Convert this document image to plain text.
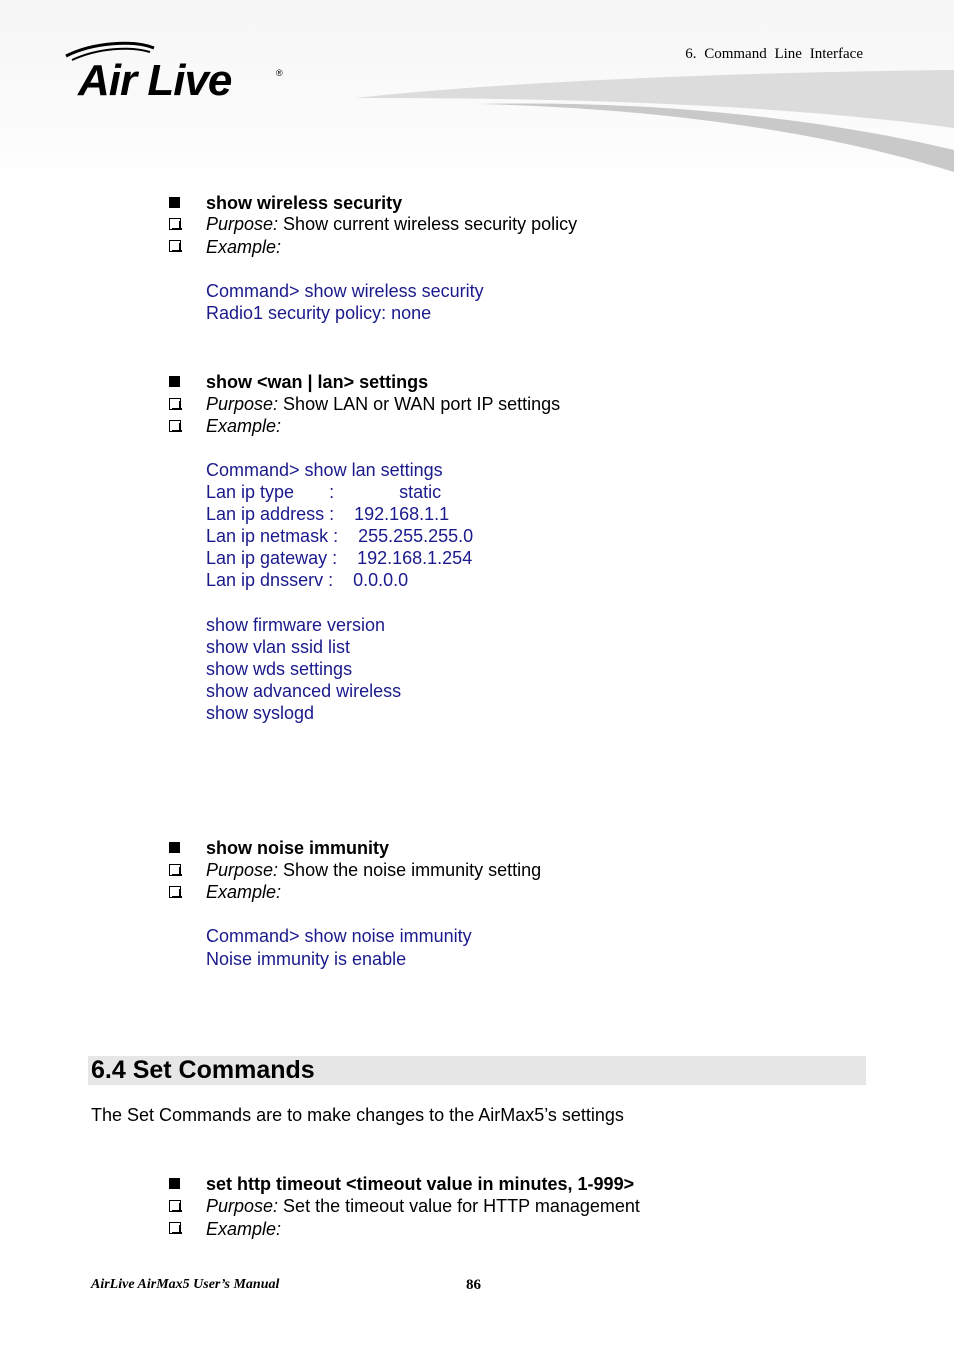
Air Live	®
6. Command Line Interface
show wireless security
Purpose: Show current wireless security policy
Example:
Command> show wireless security
Radio1 security policy: none
show <wan | lan> settings
Purpose: Show LAN or WAN port IP settings
Example:
Command> show lan settings
Lan ip type       :             static
Lan ip address :    192.168.1.1
Lan ip netmask :    255.255.255.0
Lan ip gateway :    192.168.1.254
Lan ip dnsserv :    0.0.0.0
show firmware version
show vlan ssid list
show wds settings
show advanced wireless
show syslogd
show noise immunity
Purpose: Show the noise immunity setting
Example:
Command> show noise immunity
Noise immunity is enable
6.4 Set Commands
The Set Commands are to make changes to the AirMax5’s settings
set http timeout <timeout value in minutes, 1-999>
Purpose: Set the timeout value for HTTP management
Example:
AirLive AirMax5 User’s Manual	86
